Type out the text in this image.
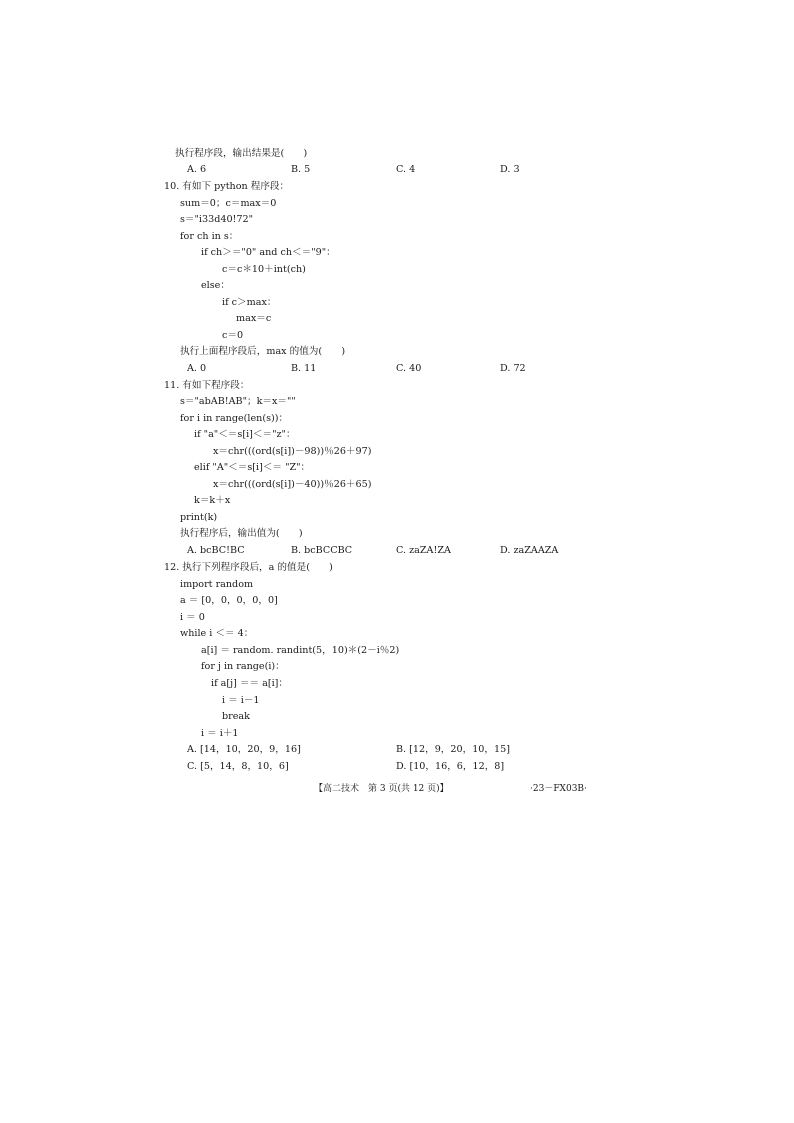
执行程序段，输出结果是(　　)
A. 6	B. 5	C. 4	D. 3
10. 有如下 python 程序段：
sum＝0；c＝max＝0
s＝"i33d40!72"
for ch in s：
if ch＞＝"0" and ch＜＝"9"：
c＝c＊10＋int(ch)
else：
if c＞max：
max＝c
c＝0
执行上面程序段后，max 的值为(　　)
A. 0	B. 11	C. 40	D. 72
11. 有如下程序段：
s＝"abAB!AB"；k＝x＝""
for i in range(len(s))：
if "a"＜＝s[i]＜＝"z"：
x＝chr(((ord(s[i])－98))％26＋97)
elif "A"＜＝s[i]＜＝ "Z"：
x＝chr(((ord(s[i])－40))％26＋65)
k＝k＋x
print(k)
执行程序后，输出值为(　　)
A. bcBC!BC	B. bcBCCBC	C. zaZA!ZA	D. zaZAAZA
12. 执行下列程序段后，a 的值是(　　)
import random
a ＝ [0，0，0，0，0]
i ＝ 0
while i ＜＝ 4：
a[i] ＝ random. randint(5，10)＊(2－i％2)
for j in range(i)：
if a[j] ＝＝ a[i]：
i ＝ i－1
break
i ＝ i＋1
A. [14，10，20，9，16]	B. [12，9，20，10，15]
C. [5，14，8，10，6]	D. [10，16，6，12，8]
【高二技术　第 3 页(共 12 页)】	·23－FX03B·
